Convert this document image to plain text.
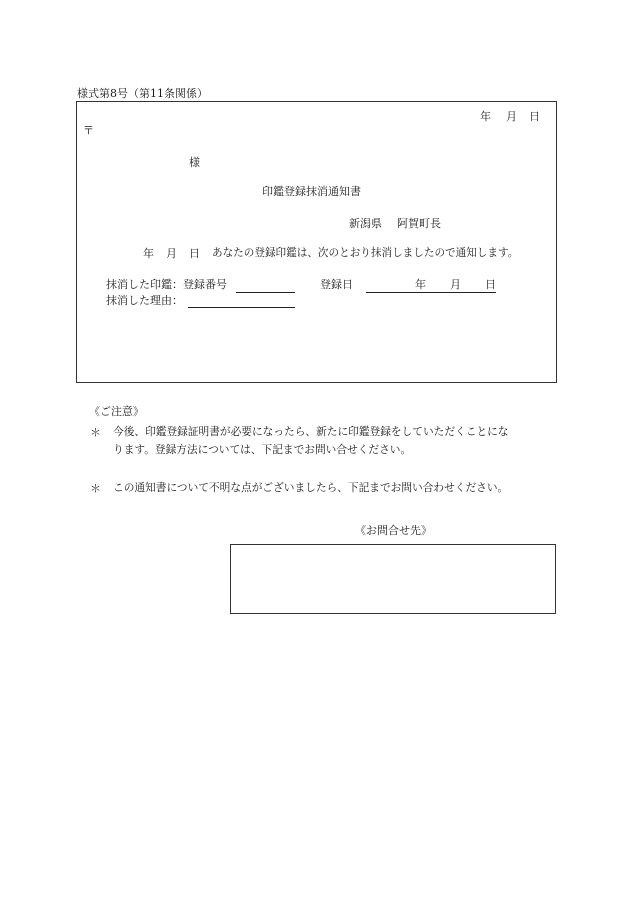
様式第8号（第11条関係）
年 月 日
〒
様
印鑑登録抹消通知書
新潟県 阿賀町長
年 月 日 あなたの登録印鑑は、次のとおり抹消しましたので通知します。
抹消した印鑑：登録番号	登録日	年 月 日
抹消した理由：
《ご注意》
＊ 今後、印鑑登録証明書が必要になったら、新たに印鑑登録をしていただくことにな
ります。登録方法については、下記までお問い合せください。
＊ この通知書について不明な点がございましたら、下記までお問い合わせください。
《お問合せ先》
